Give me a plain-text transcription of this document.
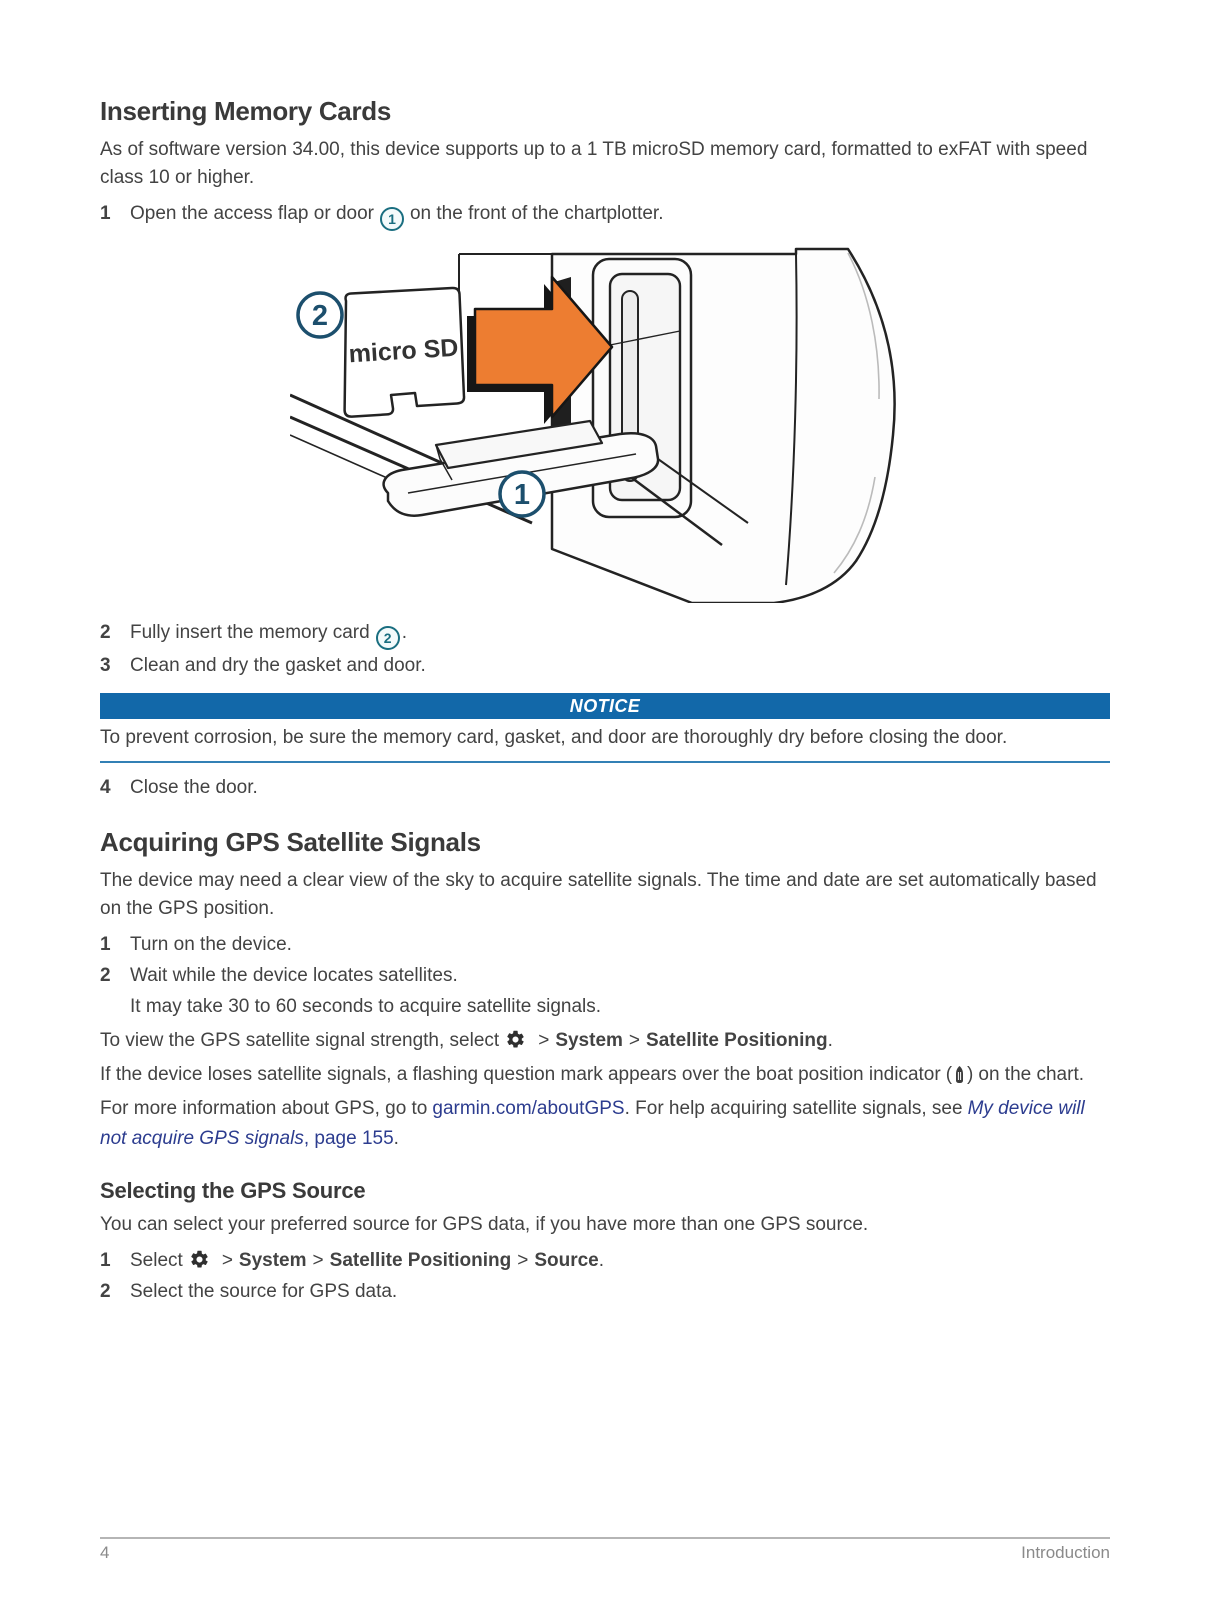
Inserting Memory Cards

As of software version 34.00, this device supports up to a 1 TB microSD memory card, formatted to exFAT with speed class 10 or higher.

1	Open the access flap or door 1 on the front of the chartplotter.
micro SD
2
1
2	Fully insert the memory card 2 .
3	Clean and dry the gasket and door.
NOTICE

To prevent corrosion, be sure the memory card, gasket, and door are thoroughly dry before closing the door.

4	Close the door.
Acquiring GPS Satellite Signals

The device may need a clear view of the sky to acquire satellite signals. The time and date are set automatically based on the GPS position.

1	Turn on the device.
2	Wait while the device locates satellites.
It may take 30 to 60 seconds to acquire satellite signals.
To view the GPS satellite signal strength, select > System > Satellite Positioning.
If the device loses satellite signals, a flashing question mark appears over the boat position indicator ( ) on the chart.
For more information about GPS, go to garmin.com/aboutGPS. For help acquiring satellite signals, see My device will not acquire GPS signals, page 155.
Selecting the GPS Source

You can select your preferred source for GPS data, if you have more than one GPS source.

1	Select > System > Satellite Positioning > Source.
2	Select the source for GPS data.
4	Introduction
